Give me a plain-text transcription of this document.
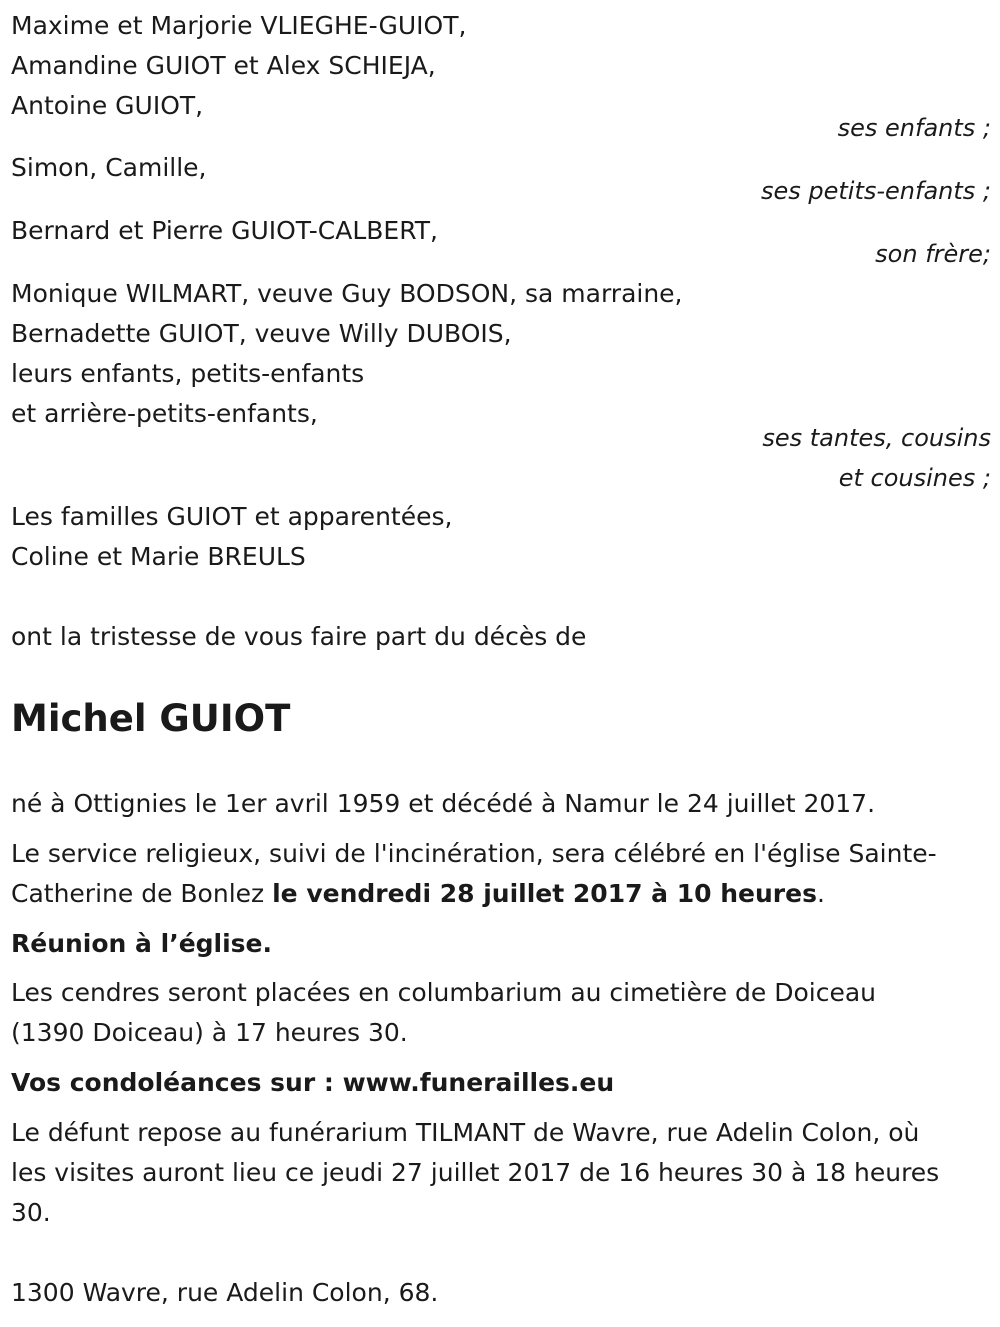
Maxime et Marjorie VLIEGHE-GUIOT,
Amandine GUIOT et Alex SCHIEJA,
Antoine GUIOT,
ses enfants ;
Simon, Camille,
ses petits-enfants ;
Bernard et Pierre GUIOT-CALBERT,
son frère;
Monique WILMART, veuve Guy BODSON, sa marraine,
Bernadette GUIOT, veuve Willy DUBOIS,
leurs enfants, petits-enfants
et arrière-petits-enfants,
ses tantes, cousins
et cousines ;
Les familles GUIOT et apparentées,
Coline et Marie BREULS
ont la tristesse de vous faire part du décès de
Michel GUIOT
né à Ottignies le 1er avril 1959 et décédé à Namur le 24 juillet 2017.
Le service religieux, suivi de l'incinération, sera célébré en l'église Sainte-
Catherine de Bonlez le vendredi 28 juillet 2017 à 10 heures.
Réunion à l’église.
Les cendres seront placées en columbarium au cimetière de Doiceau
(1390 Doiceau) à 17 heures 30.
Vos condoléances sur : www.funerailles.eu
Le défunt repose au funérarium TILMANT de Wavre, rue Adelin Colon, où
les visites auront lieu ce jeudi 27 juillet 2017 de 16 heures 30 à 18 heures
30.
1300 Wavre, rue Adelin Colon, 68.
